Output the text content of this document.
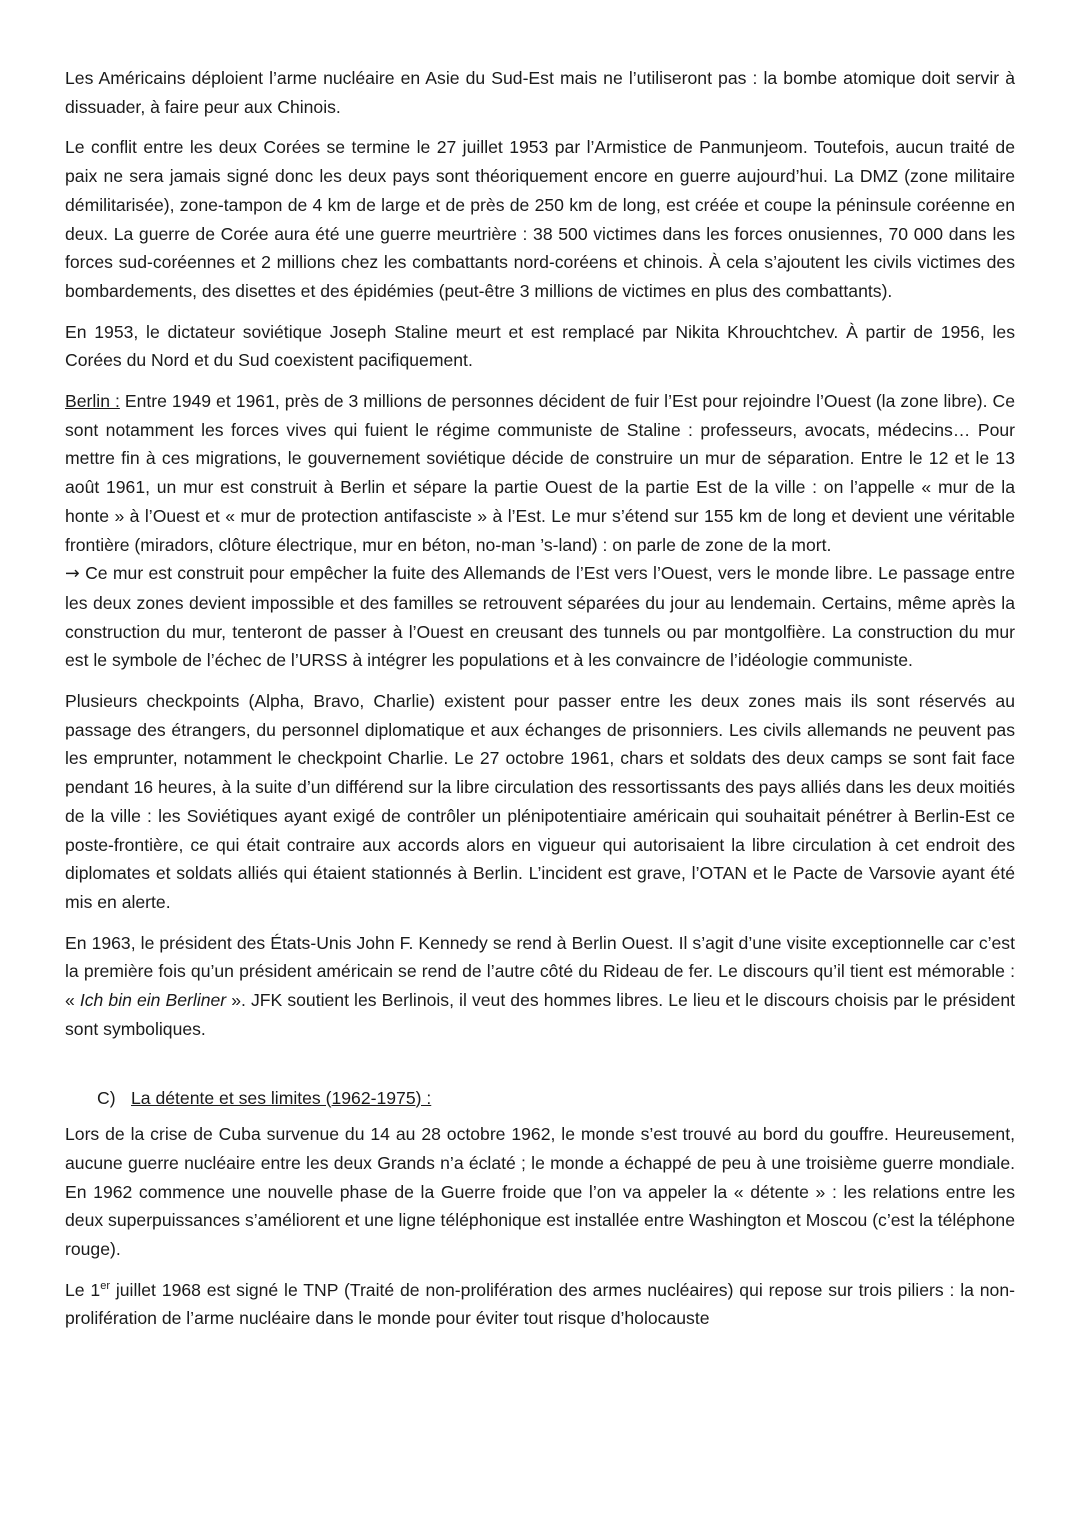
Les Américains déploient l’arme nucléaire en Asie du Sud-Est mais ne l’utiliseront pas : la bombe atomique doit servir à dissuader, à faire peur aux Chinois.

Le conflit entre les deux Corées se termine le 27 juillet 1953 par l’Armistice de Panmunjeom. Toutefois, aucun traité de paix ne sera jamais signé donc les deux pays sont théoriquement encore en guerre aujourd’hui. La DMZ (zone militaire démilitarisée), zone-tampon de 4 km de large et de près de 250 km de long, est créée et coupe la péninsule coréenne en deux. La guerre de Corée aura été une guerre meurtrière : 38 500 victimes dans les forces onusiennes, 70 000 dans les forces sud-coréennes et 2 millions chez les combattants nord-coréens et chinois. À cela s’ajoutent les civils victimes des bombardements, des disettes et des épidémies (peut-être 3 millions de victimes en plus des combattants).

En 1953, le dictateur soviétique Joseph Staline meurt et est remplacé par Nikita Khrouchtchev. À partir de 1956, les Corées du Nord et du Sud coexistent pacifiquement.

Berlin : Entre 1949 et 1961, près de 3 millions de personnes décident de fuir l’Est pour rejoindre l’Ouest (la zone libre). Ce sont notamment les forces vives qui fuient le régime communiste de Staline : professeurs, avocats, médecins… Pour mettre fin à ces migrations, le gouvernement soviétique décide de construire un mur de séparation. Entre le 12 et le 13 août 1961, un mur est construit à Berlin et sépare la partie Ouest de la partie Est de la ville : on l’appelle « mur de la honte » à l’Ouest et « mur de protection antifasciste » à l’Est. Le mur s’étend sur 155 km de long et devient une véritable frontière (miradors, clôture électrique, mur en béton, no-man ’s-land) : on parle de zone de la mort.

→ Ce mur est construit pour empêcher la fuite des Allemands de l’Est vers l’Ouest, vers le monde libre. Le passage entre les deux zones devient impossible et des familles se retrouvent séparées du jour au lendemain. Certains, même après la construction du mur, tenteront de passer à l’Ouest en creusant des tunnels ou par montgolfière. La construction du mur est le symbole de l’échec de l’URSS à intégrer les populations et à les convaincre de l’idéologie communiste.

Plusieurs checkpoints (Alpha, Bravo, Charlie) existent pour passer entre les deux zones mais ils sont réservés au passage des étrangers, du personnel diplomatique et aux échanges de prisonniers. Les civils allemands ne peuvent pas les emprunter, notamment le checkpoint Charlie. Le 27 octobre 1961, chars et soldats des deux camps se sont fait face pendant 16 heures, à la suite d’un différend sur la libre circulation des ressortissants des pays alliés dans les deux moitiés de la ville : les Soviétiques ayant exigé de contrôler un plénipotentiaire américain qui souhaitait pénétrer à Berlin-Est ce poste-frontière, ce qui était contraire aux accords alors en vigueur qui autorisaient la libre circulation à cet endroit des diplomates et soldats alliés qui étaient stationnés à Berlin. L’incident est grave, l’OTAN et le Pacte de Varsovie ayant été mis en alerte.

En 1963, le président des États-Unis John F. Kennedy se rend à Berlin Ouest. Il s’agit d’une visite exceptionnelle car c’est la première fois qu’un président américain se rend de l’autre côté du Rideau de fer. Le discours qu’il tient est mémorable : « Ich bin ein Berliner ». JFK soutient les Berlinois, il veut des hommes libres. Le lieu et le discours choisis par le président sont symboliques.

C) La détente et ses limites (1962-1975) :

Lors de la crise de Cuba survenue du 14 au 28 octobre 1962, le monde s’est trouvé au bord du gouffre. Heureusement, aucune guerre nucléaire entre les deux Grands n’a éclaté ; le monde a échappé de peu à une troisième guerre mondiale. En 1962 commence une nouvelle phase de la Guerre froide que l’on va appeler la « détente » : les relations entre les deux superpuissances s’améliorent et une ligne téléphonique est installée entre Washington et Moscou (c’est la téléphone rouge).

Le 1er juillet 1968 est signé le TNP (Traité de non-prolifération des armes nucléaires) qui repose sur trois piliers : la non-prolifération de l’arme nucléaire dans le monde pour éviter tout risque d’holocauste
